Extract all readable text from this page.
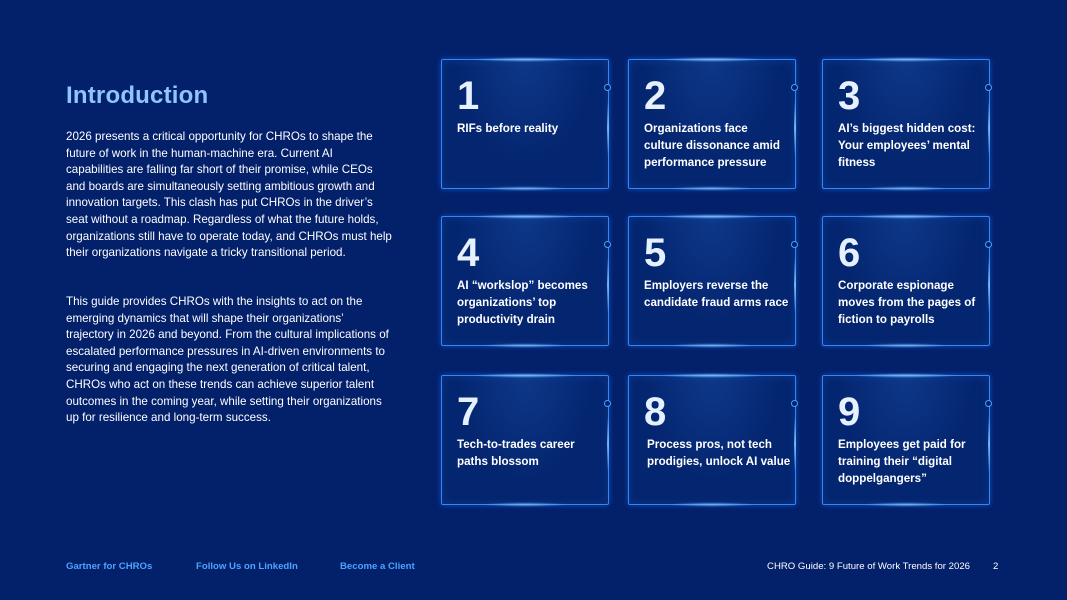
Introduction

2026 presents a critical opportunity for CHROs to shape the future of work in the human-machine era. Current AI capabilities are falling far short of their promise, while CEOs and boards are simultaneously setting ambitious growth and innovation targets. This clash has put CHROs in the driver’s seat without a roadmap. Regardless of what the future holds, organizations still have to operate today, and CHROs must help their organizations navigate a tricky transitional period.

This guide provides CHROs with the insights to act on the emerging dynamics that will shape their organizations’ trajectory in 2026 and beyond. From the cultural implications of escalated performance pressures in AI-driven environments to securing and engaging the next generation of critical talent, CHROs who act on these trends can achieve superior talent outcomes in the coming year, while setting their organizations up for resilience and long-term success.

1
RIFs before reality
2
Organizations face culture dissonance amid performance pressure
3
AI’s biggest hidden cost: Your employees’ mental fitness
4
AI “workslop” becomes organizations’ top productivity drain
5
Employers reverse the candidate fraud arms race
6
Corporate espionage moves from the pages of fiction to payrolls
7
Tech-to-trades career paths blossom
8
Process pros, not tech prodigies, unlock AI value
9
Employees get paid for training their “digital doppelgangers”
Gartner for CHROs	Follow Us on LinkedIn	Become a Client	CHRO Guide: 9 Future of Work Trends for 2026 2
